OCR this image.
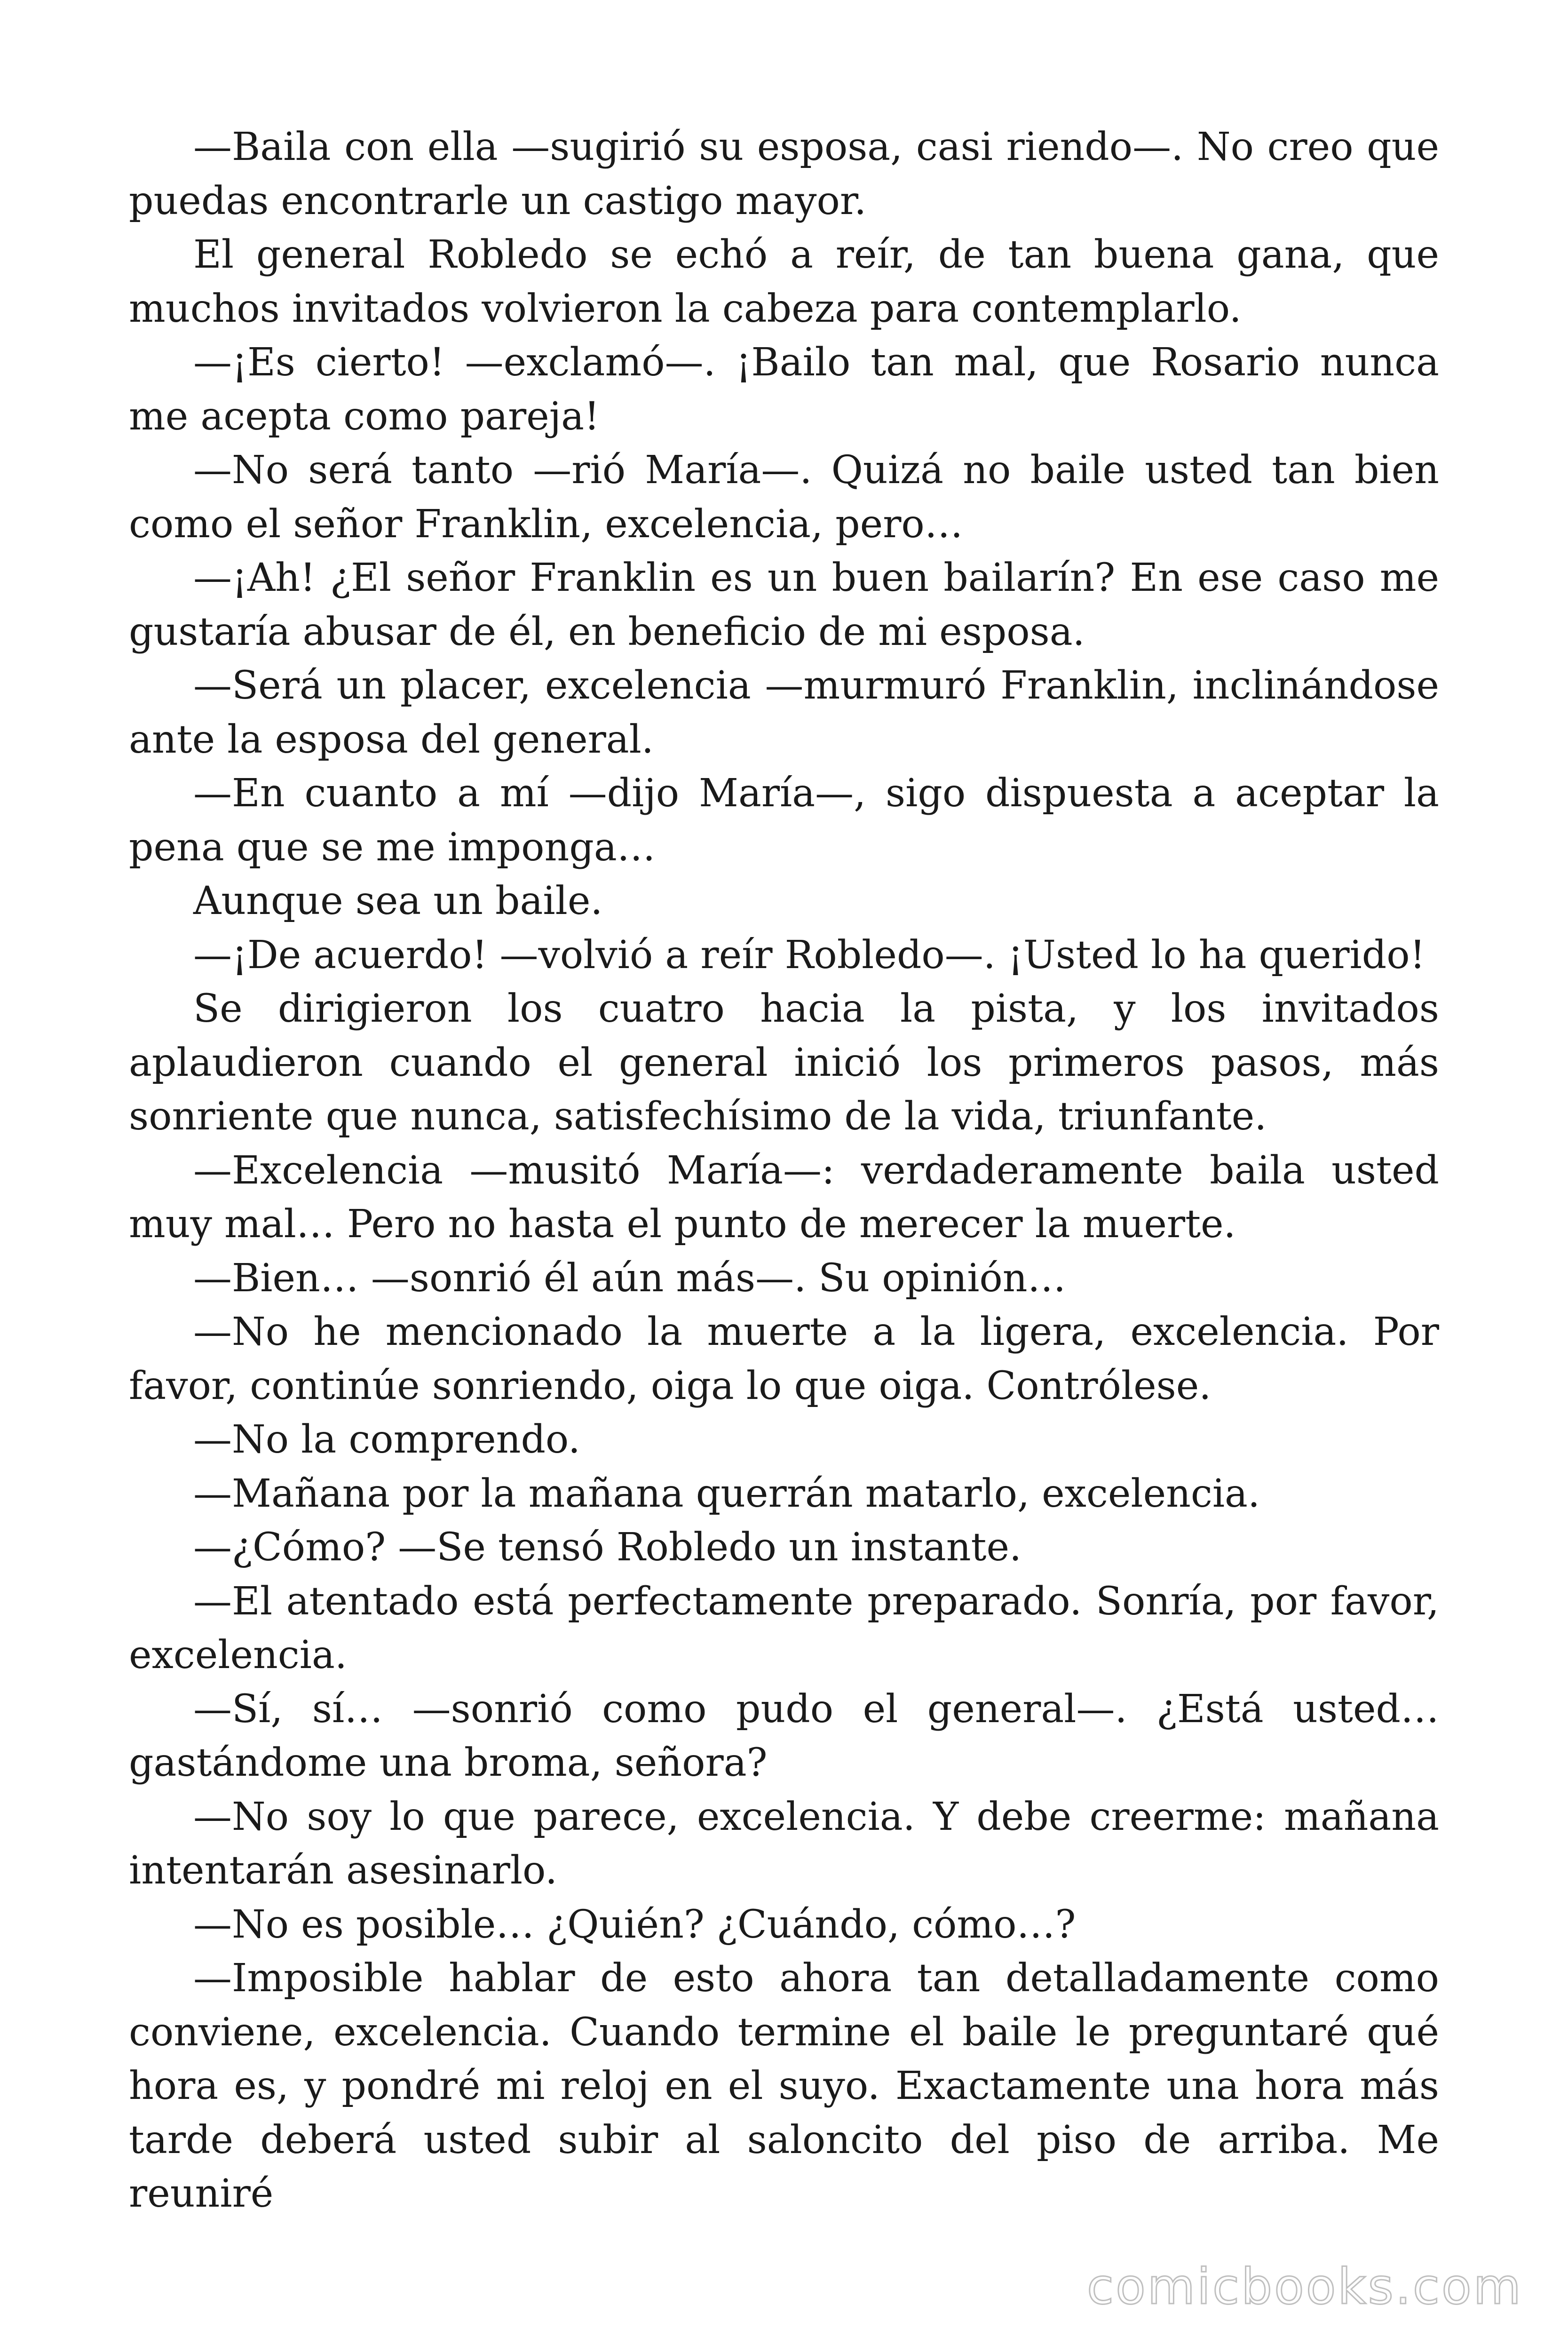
—Baila con ella —sugirió su esposa, casi riendo—. No creo que puedas encontrarle un castigo mayor.

El general Robledo se echó a reír, de tan buena gana, que muchos invitados volvieron la cabeza para contemplarlo.

—¡Es cierto! —exclamó—. ¡Bailo tan mal, que Rosario nunca me acepta como pareja!

—No será tanto —rió María—. Quizá no baile usted tan bien como el señor Franklin, excelencia, pero…

—¡Ah! ¿El señor Franklin es un buen bailarín? En ese caso me gustaría abusar de él, en beneficio de mi esposa.

—Será un placer, excelencia —murmuró Franklin, inclinándose ante la esposa del general.

—En cuanto a mí —dijo María—, sigo dispuesta a aceptar la pena que se me imponga…

Aunque sea un baile.

—¡De acuerdo! —volvió a reír Robledo—. ¡Usted lo ha querido!

Se dirigieron los cuatro hacia la pista, y los invitados aplaudieron cuando el general inició los primeros pasos, más sonriente que nunca, satisfechísimo de la vida, triunfante.

—Excelencia —musitó María—: verdaderamente baila usted muy mal… Pero no hasta el punto de merecer la muerte.

—Bien… —sonrió él aún más—. Su opinión…

—No he mencionado la muerte a la ligera, excelencia. Por favor, continúe sonriendo, oiga lo que oiga. Contrólese.

—No la comprendo.

—Mañana por la mañana querrán matarlo, excelencia.

—¿Cómo? —Se tensó Robledo un instante.

—El atentado está perfectamente preparado. Sonría, por favor, excelencia.

—Sí, sí… —sonrió como pudo el general—. ¿Está usted… gastándome una broma, señora?

—No soy lo que parece, excelencia. Y debe creerme: mañana intentarán asesinarlo.

—No es posible… ¿Quién? ¿Cuándo, cómo…?

—Imposible hablar de esto ahora tan detalladamente como conviene, excelencia. Cuando termine el baile le preguntaré qué hora es, y pondré mi reloj en el suyo. Exactamente una hora más tarde deberá usted subir al saloncito del piso de arriba. Me reuniré

comicbooks.com
